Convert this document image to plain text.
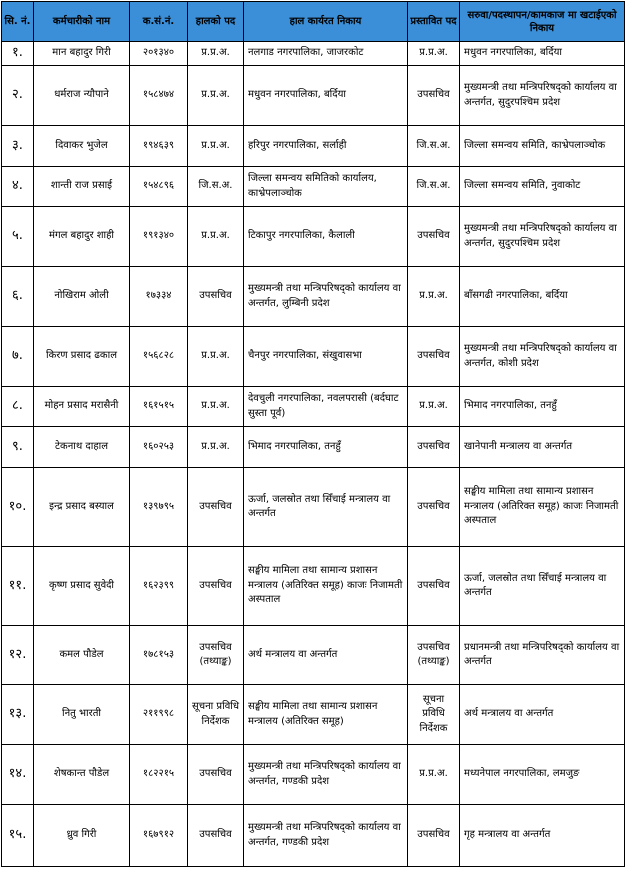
सि. नं.	कर्मचारीको नाम	क.सं.नं.	हालको पद	हाल कार्यरत निकाय	प्रस्तावित पद	सरुवा/पदस्थापन/कामकाज मा खटाईएको निकाय
१.	मान बहादुर गिरी	२०१३४०	प्र.प्र.अ.	नलगाड नगरपालिका, जाजरकोट	प्र.प्र.अ.	मधुवन नगरपालिका, बर्दिया
२.	धर्मराज न्यौपाने	१५८४७४	प्र.प्र.अ.	मधुवन नगरपालिका, बर्दिया	उपसचिव	मुख्यमन्त्री तथा मन्त्रिपरिषद्को कार्यालय वा अन्तर्गत, सुदुरपश्चिम प्रदेश
३.	दिवाकर भुजेल	१९४६३९	प्र.प्र.अ.	हरिपुर नगरपालिका, सर्लाही	जि.स.अ.	जिल्ला समन्वय समिति, काभ्रेपलाञ्चोक
४.	शान्ती राज प्रसाई	१५४८९६	जि.स.अ.	जिल्ला समन्वय समितिको कार्यालय, काभ्रेपलाञ्चोक	जि.स.अ.	जिल्ला समन्वय समिति, नुवाकोट
५.	मंगल बहादुर शाही	१९१३४०	प्र.प्र.अ.	टिकापुर नगरपालिका, कैलाली	उपसचिव	मुख्यमन्त्री तथा मन्त्रिपरिषद्को कार्यालय वा अन्तर्गत, सुदुरपश्चिम प्रदेश
६.	नोखिराम ओली	१७३३४	उपसचिव	मुख्यमन्त्री तथा मन्त्रिपरिषद्को कार्यालय वा अन्तर्गत, लुम्बिनी प्रदेश	प्र.प्र.अ.	बाँसगढी नगरपालिका, बर्दिया
७.	किरण प्रसाद ढकाल	१५६८२८	प्र.प्र.अ.	चैनपुर नगरपालिका, संखुवासभा	उपसचिव	मुख्यमन्त्री तथा मन्त्रिपरिषद्को कार्यालय वा अन्तर्गत, कोशी प्रदेश
८.	मोहन प्रसाद मरासैनी	१६१५१५	प्र.प्र.अ.	देवचुली नगरपालिका, नवलपरासी (बर्दघाट सुस्ता पूर्व)	प्र.प्र.अ.	भिमाद नगरपालिका, तनहुँ
९.	टेकनाथ दाहाल	१६०२५३	प्र.प्र.अ.	भिमाद नगरपालिका, तनहुँ	उपसचिव	खानेपानी मन्त्रालय वा अन्तर्गत
१०.	इन्द्र प्रसाद बस्याल	१३९७९५	उपसचिव	ऊर्जा, जलस्रोत तथा सिँचाई मन्त्रालय वा अन्तर्गत	उपसचिव	सङ्घीय मामिला तथा सामान्य प्रशासन मन्त्रालय (अतिरिक्त समूह) काजः निजामती अस्पताल
११.	कृष्ण प्रसाद सुवेदी	१६२३९९	उपसचिव	सङ्घीय मामिला तथा सामान्य प्रशासन मन्त्रालय (अतिरिक्त समूह) काजः निजामती अस्पताल	उपसचिव	ऊर्जा, जलस्रोत तथा सिँचाई मन्त्रालय वा अन्तर्गत
१२.	कमल पौडेल	१७८१५३	उपसचिव (तथ्याङ्क)	अर्थ मन्त्रालय वा अन्तर्गत	उपसचिव (तथ्याङ्क)	प्रधानमन्त्री तथा मन्त्रिपरिषद्को कार्यालय वा अन्तर्गत
१३.	नितु भारती	२११९९८	सूचना प्रविधि निर्देशक	सङ्घीय मामिला तथा सामान्य प्रशासन मन्त्रालय (अतिरिक्त समूह)	सूचना प्रविधि निर्देशक	अर्थ मन्त्रालय वा अन्तर्गत
१४.	शेषकान्त पौडेल	१८२२१५	उपसचिव	मुख्यमन्त्री तथा मन्त्रिपरिषद्को कार्यालय वा अन्तर्गत, गण्डकी प्रदेश	प्र.प्र.अ.	मध्यनेपाल नगरपालिका, लमजुङ
१५.	ध्रुव गिरी	१६७९१२	उपसचिव	मुख्यमन्त्री तथा मन्त्रिपरिषद्को कार्यालय वा अन्तर्गत, गण्डकी प्रदेश	उपसचिव	गृह मन्त्रालय वा अन्तर्गत
